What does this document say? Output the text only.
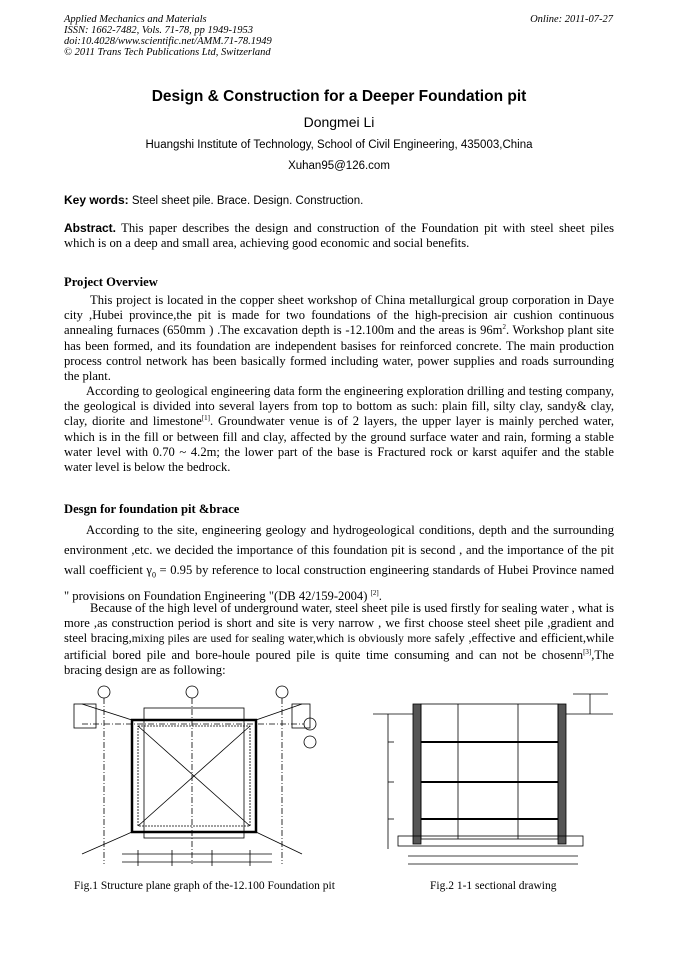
Applied Mechanics and Materials
ISSN: 1662-7482, Vols. 71-78, pp 1949-1953
doi:10.4028/www.scientific.net/AMM.71-78.1949
© 2011 Trans Tech Publications Ltd, Switzerland
Online: 2011-07-27
Design & Construction for a Deeper Foundation pit
Dongmei Li
Huangshi Institute of Technology, School of Civil Engineering, 435003,China
Xuhan95@126.com
Key words: Steel sheet pile. Brace. Design. Construction.
Abstract. This paper describes the design and construction of the Foundation pit with steel sheet piles which is on a deep and small area, achieving good economic and social benefits.
Project Overview
This project is located in the copper sheet workshop of China metallurgical group corporation in Daye city ,Hubei province,the pit is made for two foundations of the high-precision air cushion continuous annealing furnaces (650mm ) .The excavation depth is -12.100m and the areas is $96m^2$. Workshop plant site has been formed, and its foundation are independent basises for reinforced concrete. The main production process control network has been basically formed including water, power supplies and roads surrounding the plant.
According to geological engineering data form the engineering exploration drilling and testing company, the geological is divided into several layers from top to bottom as such: plain fill, silty clay, sandy& clay, clay, diorite and limestone[1]. Groundwater venue is of 2 layers, the upper layer is mainly perched water, which is in the fill or between fill and clay, affected by the ground surface water and rain, forming a stable water level with 0.70 ~ 4.2m; the lower part of the base is Fractured rock or karst aquifer and the stable water level is below the bedrock.
Desgn for foundation pit &brace
According to the site, engineering geology and hydrogeological conditions, depth and the surrounding environment ,etc. we decided the importance of this foundation pit is second , and the importance of the pit wall coefficient $\gamma_0 = 0.95$ by reference to local construction engineering standards of Hubei Province named " provisions on Foundation Engineering "(DB 42/159-2004) [2].
Because of the high level of underground water, steel sheet pile is used firstly for sealing water , what is more ,as construction period is short and site is very narrow , we first choose steel sheet pile ,gradient and steel bracing,mixing piles are used for sealing water,which is obviously more safely ,effective and efficient,while artificial bored pile and bore-houle poured pile is quite time consuming and can not be chosenn[3],The bracing design are as following:
Fig.1 Structure plane graph of the-12.100 Foundation pit	Fig.2 1-1 sectional drawing
